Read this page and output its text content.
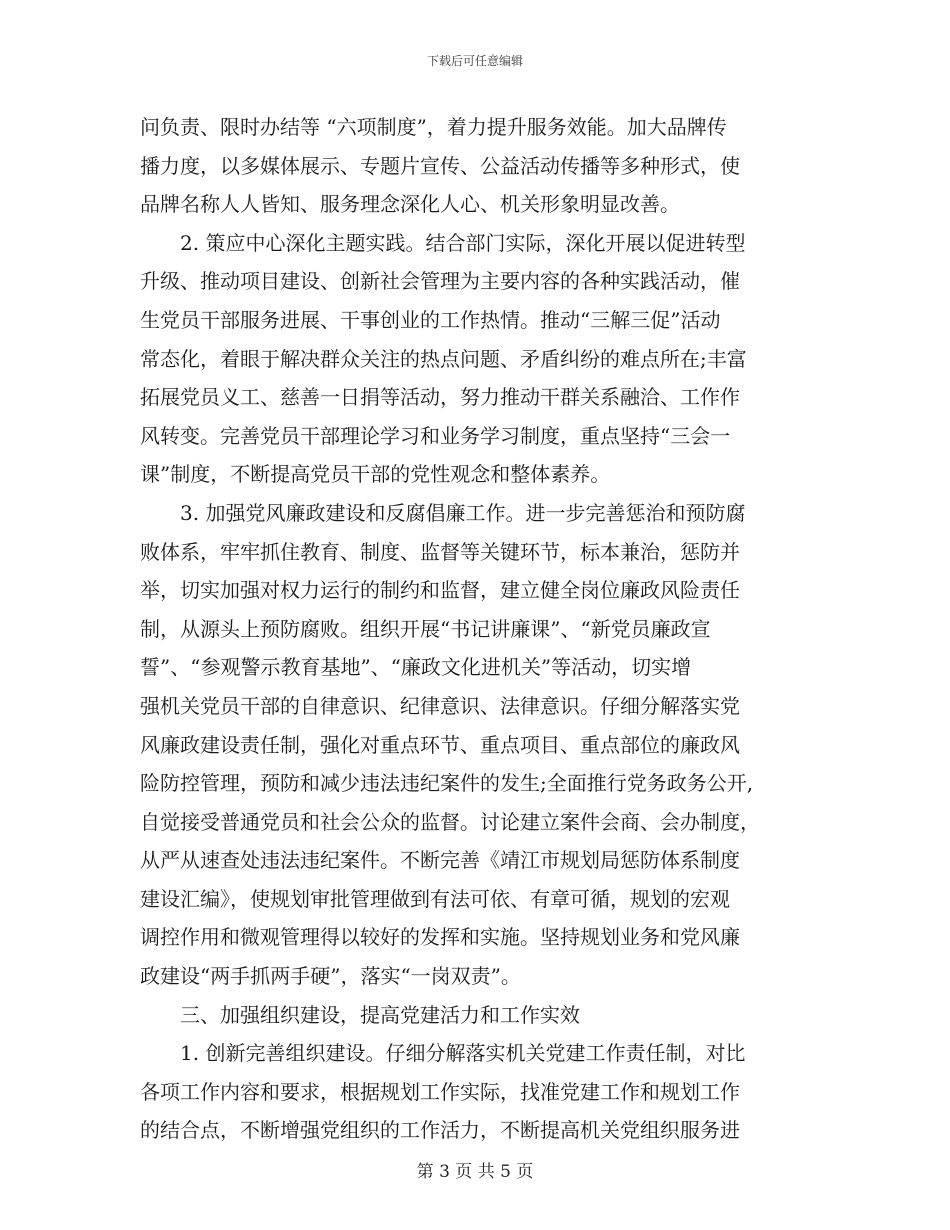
下载后可任意编辑
问负责、限时办结等 “六项制度”，着力提升服务效能。加大品牌传
播力度，以多媒体展示、专题片宣传、公益活动传播等多种形式，使
品牌名称人人皆知、服务理念深化人心、机关形象明显改善。
2. 策应中心深化主题实践。结合部门实际，深化开展以促进转型
升级、推动项目建设、创新社会管理为主要内容的各种实践活动，催
生党员干部服务进展、干事创业的工作热情。推动“三解三促”活动
常态化，着眼于解决群众关注的热点问题、矛盾纠纷的难点所在;丰富
拓展党员义工、慈善一日捐等活动，努力推动干群关系融洽、工作作
风转变。完善党员干部理论学习和业务学习制度，重点坚持“三会一
课”制度，不断提高党员干部的党性观念和整体素养。
3. 加强党风廉政建设和反腐倡廉工作。进一步完善惩治和预防腐
败体系，牢牢抓住教育、制度、监督等关键环节，标本兼治，惩防并
举，切实加强对权力运行的制约和监督，建立健全岗位廉政风险责任
制，从源头上预防腐败。组织开展“书记讲廉课”、“新党员廉政宣
誓”、“参观警示教育基地”、“廉政文化进机关”等活动，切实增
强机关党员干部的自律意识、纪律意识、法律意识。仔细分解落实党
风廉政建设责任制，强化对重点环节、重点项目、重点部位的廉政风
险防控管理，预防和减少违法违纪案件的发生;全面推行党务政务公开,
自觉接受普通党员和社会公众的监督。讨论建立案件会商、会办制度，
从严从速查处违法违纪案件。不断完善《靖江市规划局惩防体系制度
建设汇编》，使规划审批管理做到有法可依、有章可循，规划的宏观
调控作用和微观管理得以较好的发挥和实施。坚持规划业务和党风廉
政建设“两手抓两手硬”，落实“一岗双责”。
三、加强组织建设，提高党建活力和工作实效
1. 创新完善组织建设。仔细分解落实机关党建工作责任制，对比
各项工作内容和要求，根据规划工作实际，找准党建工作和规划工作
的结合点，不断增强党组织的工作活力，不断提高机关党组织服务进
第 3 页 共 5 页
